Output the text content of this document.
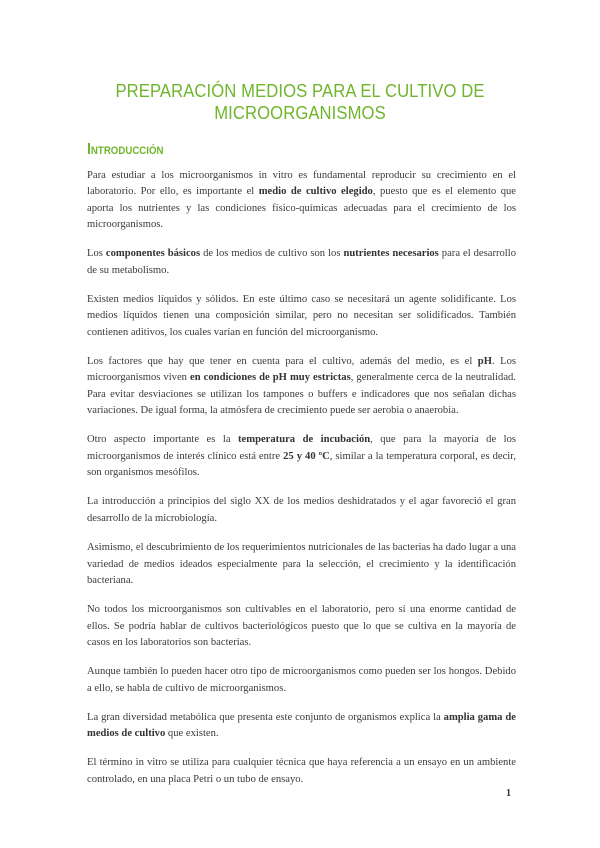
PREPARACIÓN MEDIOS PARA EL CULTIVO DE MICROORGANISMOS
Introducción

Para estudiar a los microorganismos in vitro es fundamental reproducir su crecimiento en el laboratorio. Por ello, es importante el medio de cultivo elegido, puesto que es el elemento que aporta los nutrientes y las condiciones físico-químicas adecuadas para el crecimiento de los microorganismos.

Los componentes básicos de los medios de cultivo son los nutrientes necesarios para el desarrollo de su metabolismo.

Existen medios líquidos y sólidos. En este último caso se necesitará un agente solidificante. Los medios líquidos tienen una composición similar, pero no necesitan ser solidificados. También contienen aditivos, los cuales varían en función del microorganismo.

Los factores que hay que tener en cuenta para el cultivo, además del medio, es el pH. Los microorganismos viven en condiciones de pH muy estrictas, generalmente cerca de la neutralidad. Para evitar desviaciones se utilizan los tampones o buffers e indicadores que nos señalan dichas variaciones. De igual forma, la atmósfera de crecimiento puede ser aerobia o anaerobia.

Otro aspecto importante es la temperatura de incubación, que para la mayoría de los microorganismos de interés clínico está entre 25 y 40 ºC, similar a la temperatura corporal, es decir, son organismos mesófilos.

La introducción a principios del siglo XX de los medios deshidratados y el agar favoreció el gran desarrollo de la microbiología.

Asimismo, el descubrimiento de los requerimientos nutricionales de las bacterias ha dado lugar a una variedad de medios ideados especialmente para la selección, el crecimiento y la identificación bacteriana.

No todos los microorganismos son cultivables en el laboratorio, pero sí una enorme cantidad de ellos. Se podría hablar de cultivos bacteriológicos puesto que lo que se cultiva en la mayoría de casos en los laboratorios son bacterias.

Aunque también lo pueden hacer otro tipo de microorganismos como pueden ser los hongos. Debido a ello, se habla de cultivo de microorganismos.

La gran diversidad metabólica que presenta este conjunto de organismos explica la amplia gama de medios de cultivo que existen.

El término in vitro se utiliza para cualquier técnica que haya referencia a un ensayo en un ambiente controlado, en una placa Petri o un tubo de ensayo.

1
